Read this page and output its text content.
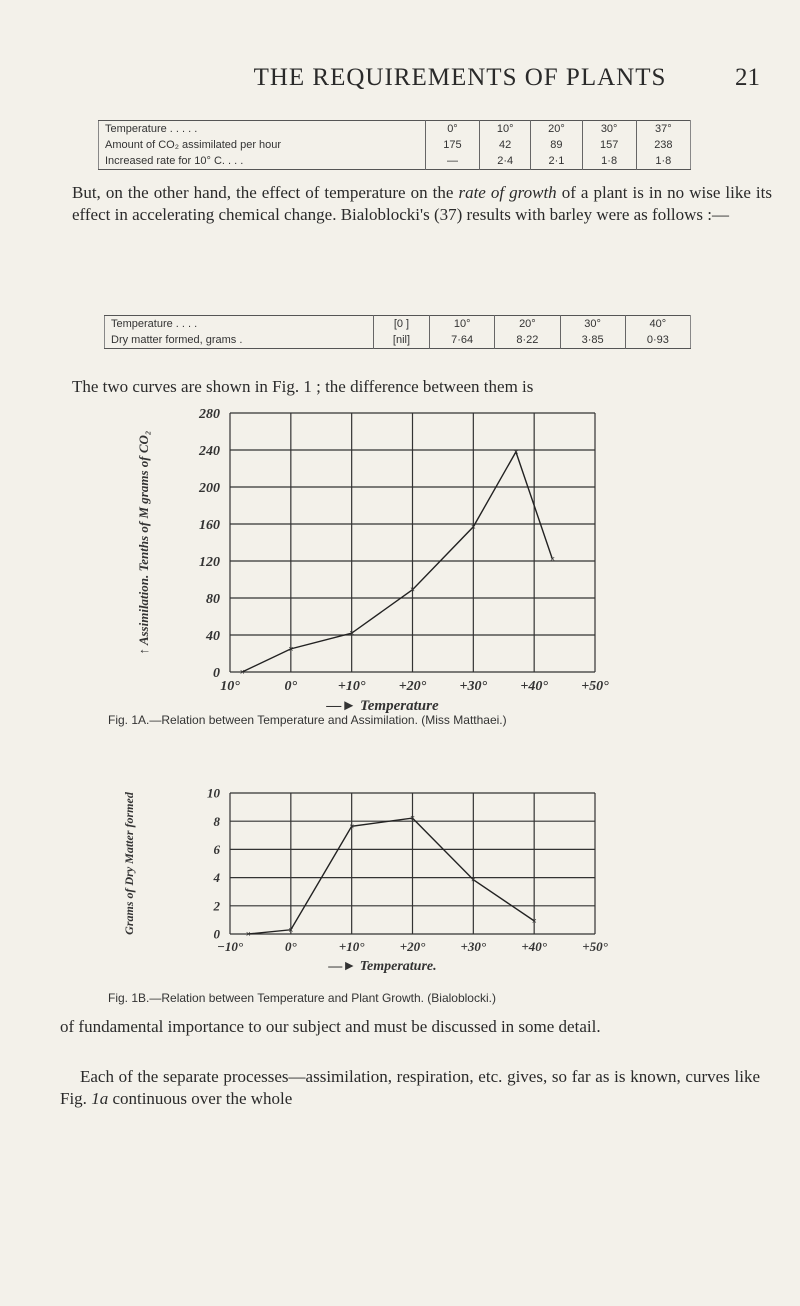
THE REQUIREMENTS OF PLANTS	21
Temperature . . . . .	0°	10°	20°	30°	37°
Amount of CO₂ assimilated per hour	175	42	89	157	238
Increased rate for 10° C. . . .	—	2·4	2·1	1·8	1·8

But, on the other hand, the effect of temperature on the rate of growth of a plant is in no wise like its effect in accelerating chemical change. Bialoblocki's (37) results with barley were as follows :—

Temperature . . . .	[0 ]	10°	20°	30°	40°
Dry matter formed, grams .	[nil]	7·64	8·22	3·85	0·93

The two curves are shown in Fig. 1 ; the difference between them is

0
40
80
120
160
200
240
280
10°	0°	+10° +20° +30° +40° +50°
—► Temperature
↑ Assimilation. Tenths of M grams of CO₂
×
×
×
×
×
×
×
Fig. 1A.—Relation between Temperature and Assimilation. (Miss Matthaei.)
0
2
4
6
8
10
−10°	0°	+10°	+20°	+30°	+40°	+50°
—► Temperature.
Grams of Dry Matter formed	×	×
×
×
×
×
Fig. 1B.—Relation between Temperature and Plant Growth. (Bialoblocki.)

of fundamental importance to our subject and must be discussed in some detail.

Each of the separate processes—assimilation, respiration, etc. gives, so far as is known, curves like Fig. 1a continuous over the whole
